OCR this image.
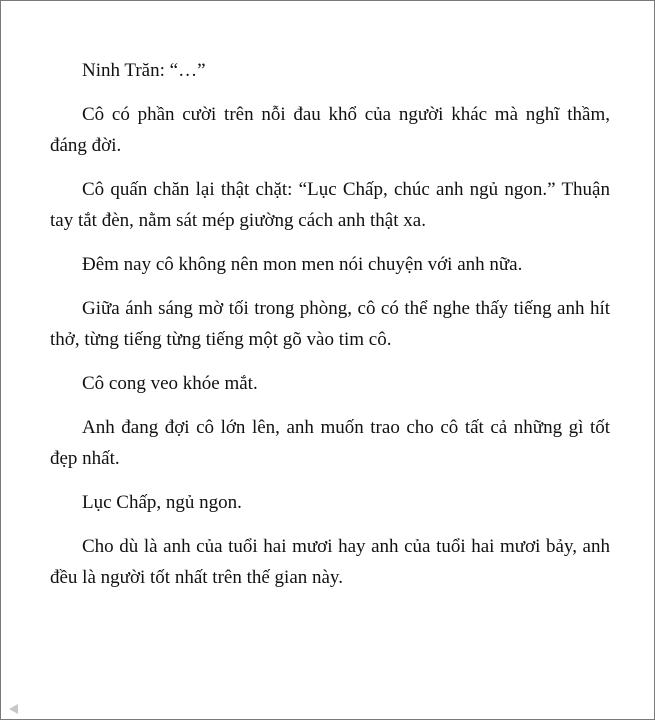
Ninh Trăn: “…”

Cô có phần cười trên nỗi đau khổ của người khác mà nghĩ thầm, đáng đời.

Cô quấn chăn lại thật chặt: “Lục Chấp, chúc anh ngủ ngon.” Thuận tay tắt đèn, nằm sát mép giường cách anh thật xa.

Đêm nay cô không nên mon men nói chuyện với anh nữa.

Giữa ánh sáng mờ tối trong phòng, cô có thể nghe thấy tiếng anh hít thở, từng tiếng từng tiếng một gõ vào tim cô.

Cô cong veo khóe mắt.

Anh đang đợi cô lớn lên, anh muốn trao cho cô tất cả những gì tốt đẹp nhất.

Lục Chấp, ngủ ngon.

Cho dù là anh của tuổi hai mươi hay anh của tuổi hai mươi bảy, anh đều là người tốt nhất trên thế gian này.
